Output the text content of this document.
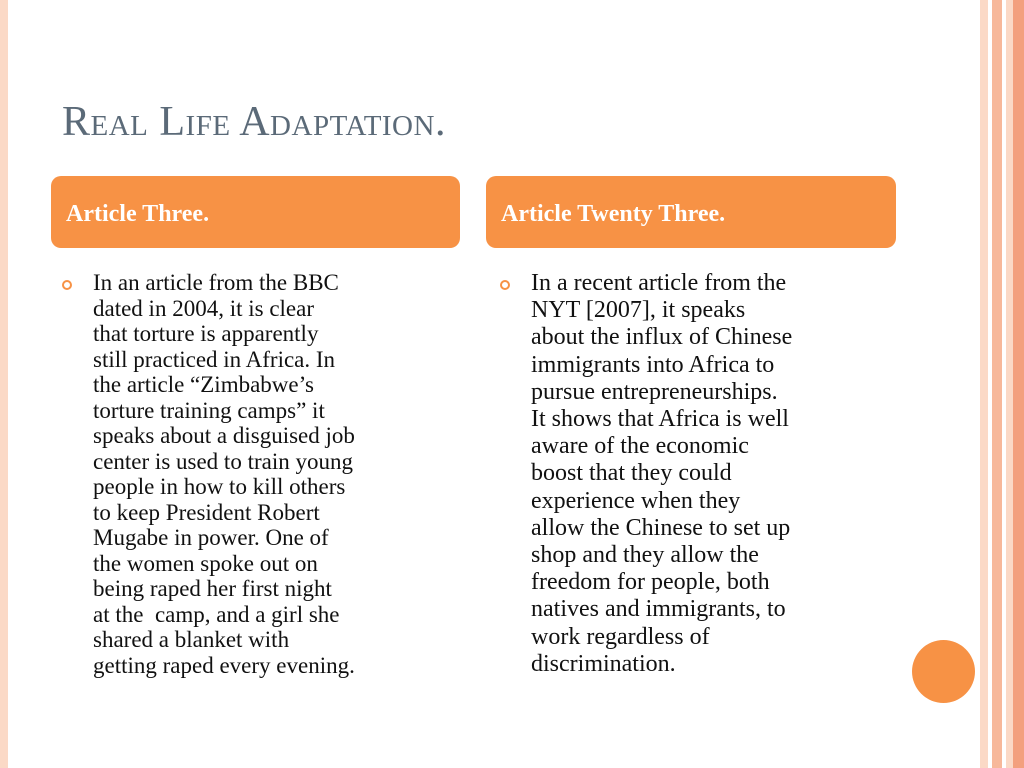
Real Life Adaptation.
Article Three.	Article Twenty Three.
In an article from the BBC
dated in 2004, it is clear
that torture is apparently
still practiced in Africa. In
the article “Zimbabwe’s
torture training camps” it
speaks about a disguised job
center is used to train young
people in how to kill others
to keep President Robert
Mugabe in power. One of
the women spoke out on
being raped her first night
at the  camp, and a girl she
shared a blanket with
getting raped every evening.
In a recent article from the
NYT [2007], it speaks
about the influx of Chinese
immigrants into Africa to
pursue entrepreneurships.
It shows that Africa is well
aware of the economic
boost that they could
experience when they
allow the Chinese to set up
shop and they allow the
freedom for people, both
natives and immigrants, to
work regardless of
discrimination.
